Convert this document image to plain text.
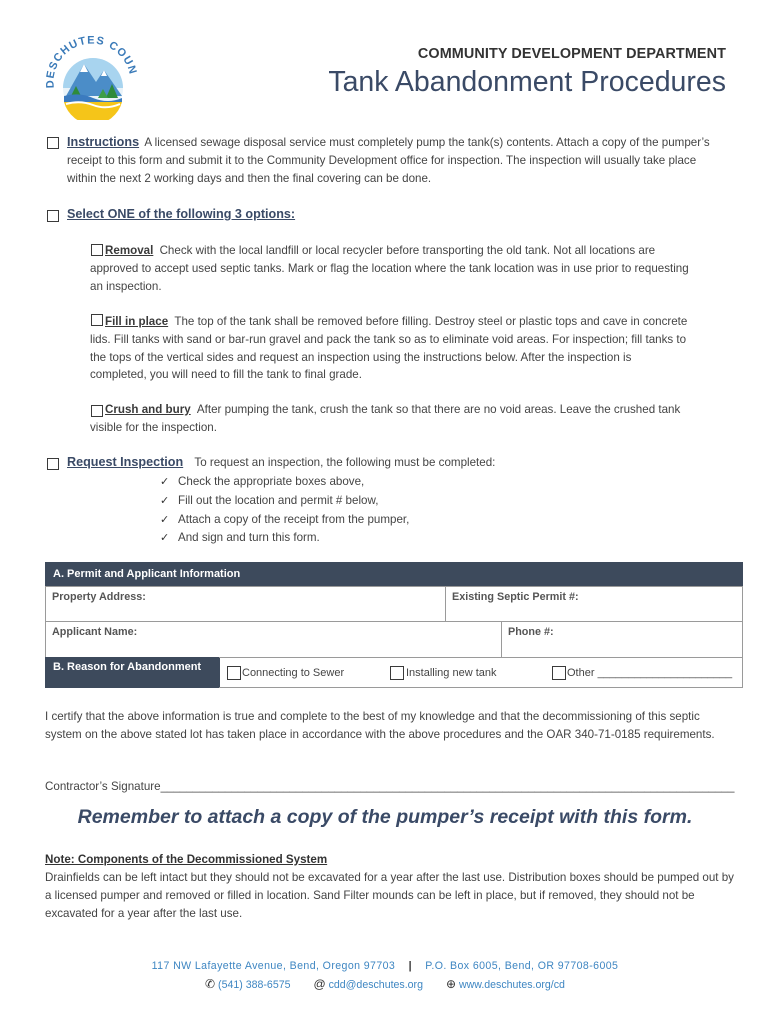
DESCHUTES COUN
COMMUNITY DEVELOPMENT DEPARTMENT
Tank Abandonment Procedures
Instructions A licensed sewage disposal service must completely pump the tank(s) contents. Attach a copy of the pumper’s receipt to this form and submit it to the Community Development office for inspection. The inspection will usually take place within the next 2 working days and then the final covering can be done.
Select ONE of the following 3 options:
Removal Check with the local landfill or local recycler before transporting the old tank. Not all locations are approved to accept used septic tanks. Mark or flag the location where the tank location was in use prior to requesting an inspection.
Fill in place The top of the tank shall be removed before filling. Destroy steel or plastic tops and cave in concrete lids. Fill tanks with sand or bar-run gravel and pack the tank so as to eliminate void areas. For inspection; fill tanks to the tops of the vertical sides and request an inspection using the instructions below. After the inspection is completed, you will need to fill the tank to final grade.
Crush and bury After pumping the tank, crush the tank so that there are no void areas. Leave the crushed tank visible for the inspection.
Request Inspection To request an inspection, the following must be completed:
✓ Check the appropriate boxes above,
✓ Fill out the location and permit # below,
✓ Attach a copy of the receipt from the pumper,
✓ And sign and turn this form.
A. Permit and Applicant Information
Property Address:	Existing Septic Permit #:
Applicant Name:	Phone #:
B. Reason for Abandonment	Connecting to Sewer	Installing new tank	Other ______________________
I certify that the above information is true and complete to the best of my knowledge and that the decommissioning of this septic system on the above stated lot has taken place in accordance with the above procedures and the OAR 340-71-0185 requirements.
Contractor’s Signature_________________________________________________________________________________________
Remember to attach a copy of the pumper’s receipt with this form.
Note: Components of the Decommissioned System
Drainfields can be left intact but they should not be excavated for a year after the last use. Distribution boxes should be pumped out by a licensed pumper and removed or filled in location. Sand Filter mounds can be left in place, but if removed, they should not be excavated for a year after the last use.
117 NW Lafayette Avenue, Bend, Oregon 97703 | P.O. Box 6005, Bend, OR 97708-6005
✆ (541) 388-6575 @ cdd@deschutes.org ⊕ www.deschutes.org/cd
